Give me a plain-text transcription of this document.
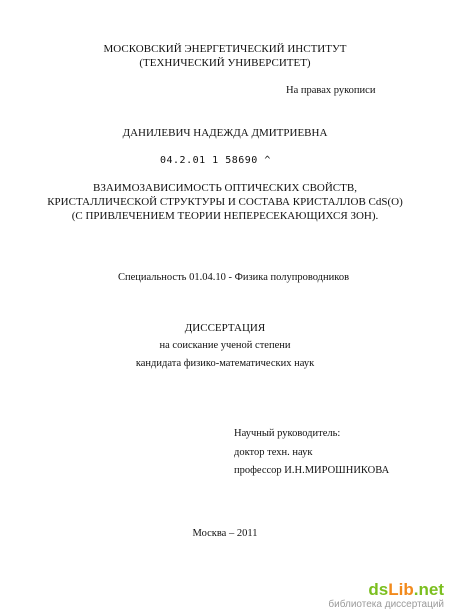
МОСКОВСКИЙ ЭНЕРГЕТИЧЕСКИЙ ИНСТИТУТ
(ТЕХНИЧЕСКИЙ УНИВЕРСИТЕТ)
На правах рукописи
ДАНИЛЕВИЧ НАДЕЖДА ДМИТРИЕВНА
04.2.01 1 58690 ^
ВЗАИМОЗАВИСИМОСТЬ ОПТИЧЕСКИХ СВОЙСТВ,
КРИСТАЛЛИЧЕСКОЙ СТРУКТУРЫ И СОСТАВА КРИСТАЛЛОВ CdS(O)
(С ПРИВЛЕЧЕНИЕМ ТЕОРИИ НЕПЕРЕСЕКАЮЩИХСЯ ЗОН).
Специальность 01.04.10 - Физика полупроводников
ДИССЕРТАЦИЯ
на соискание ученой степени
кандидата физико-математических наук
Научный руководитель:
доктор техн. наук
профессор И.Н.МИРОШНИКОВА
Москва – 2011
dsLib.net
библиотека диссертаций
